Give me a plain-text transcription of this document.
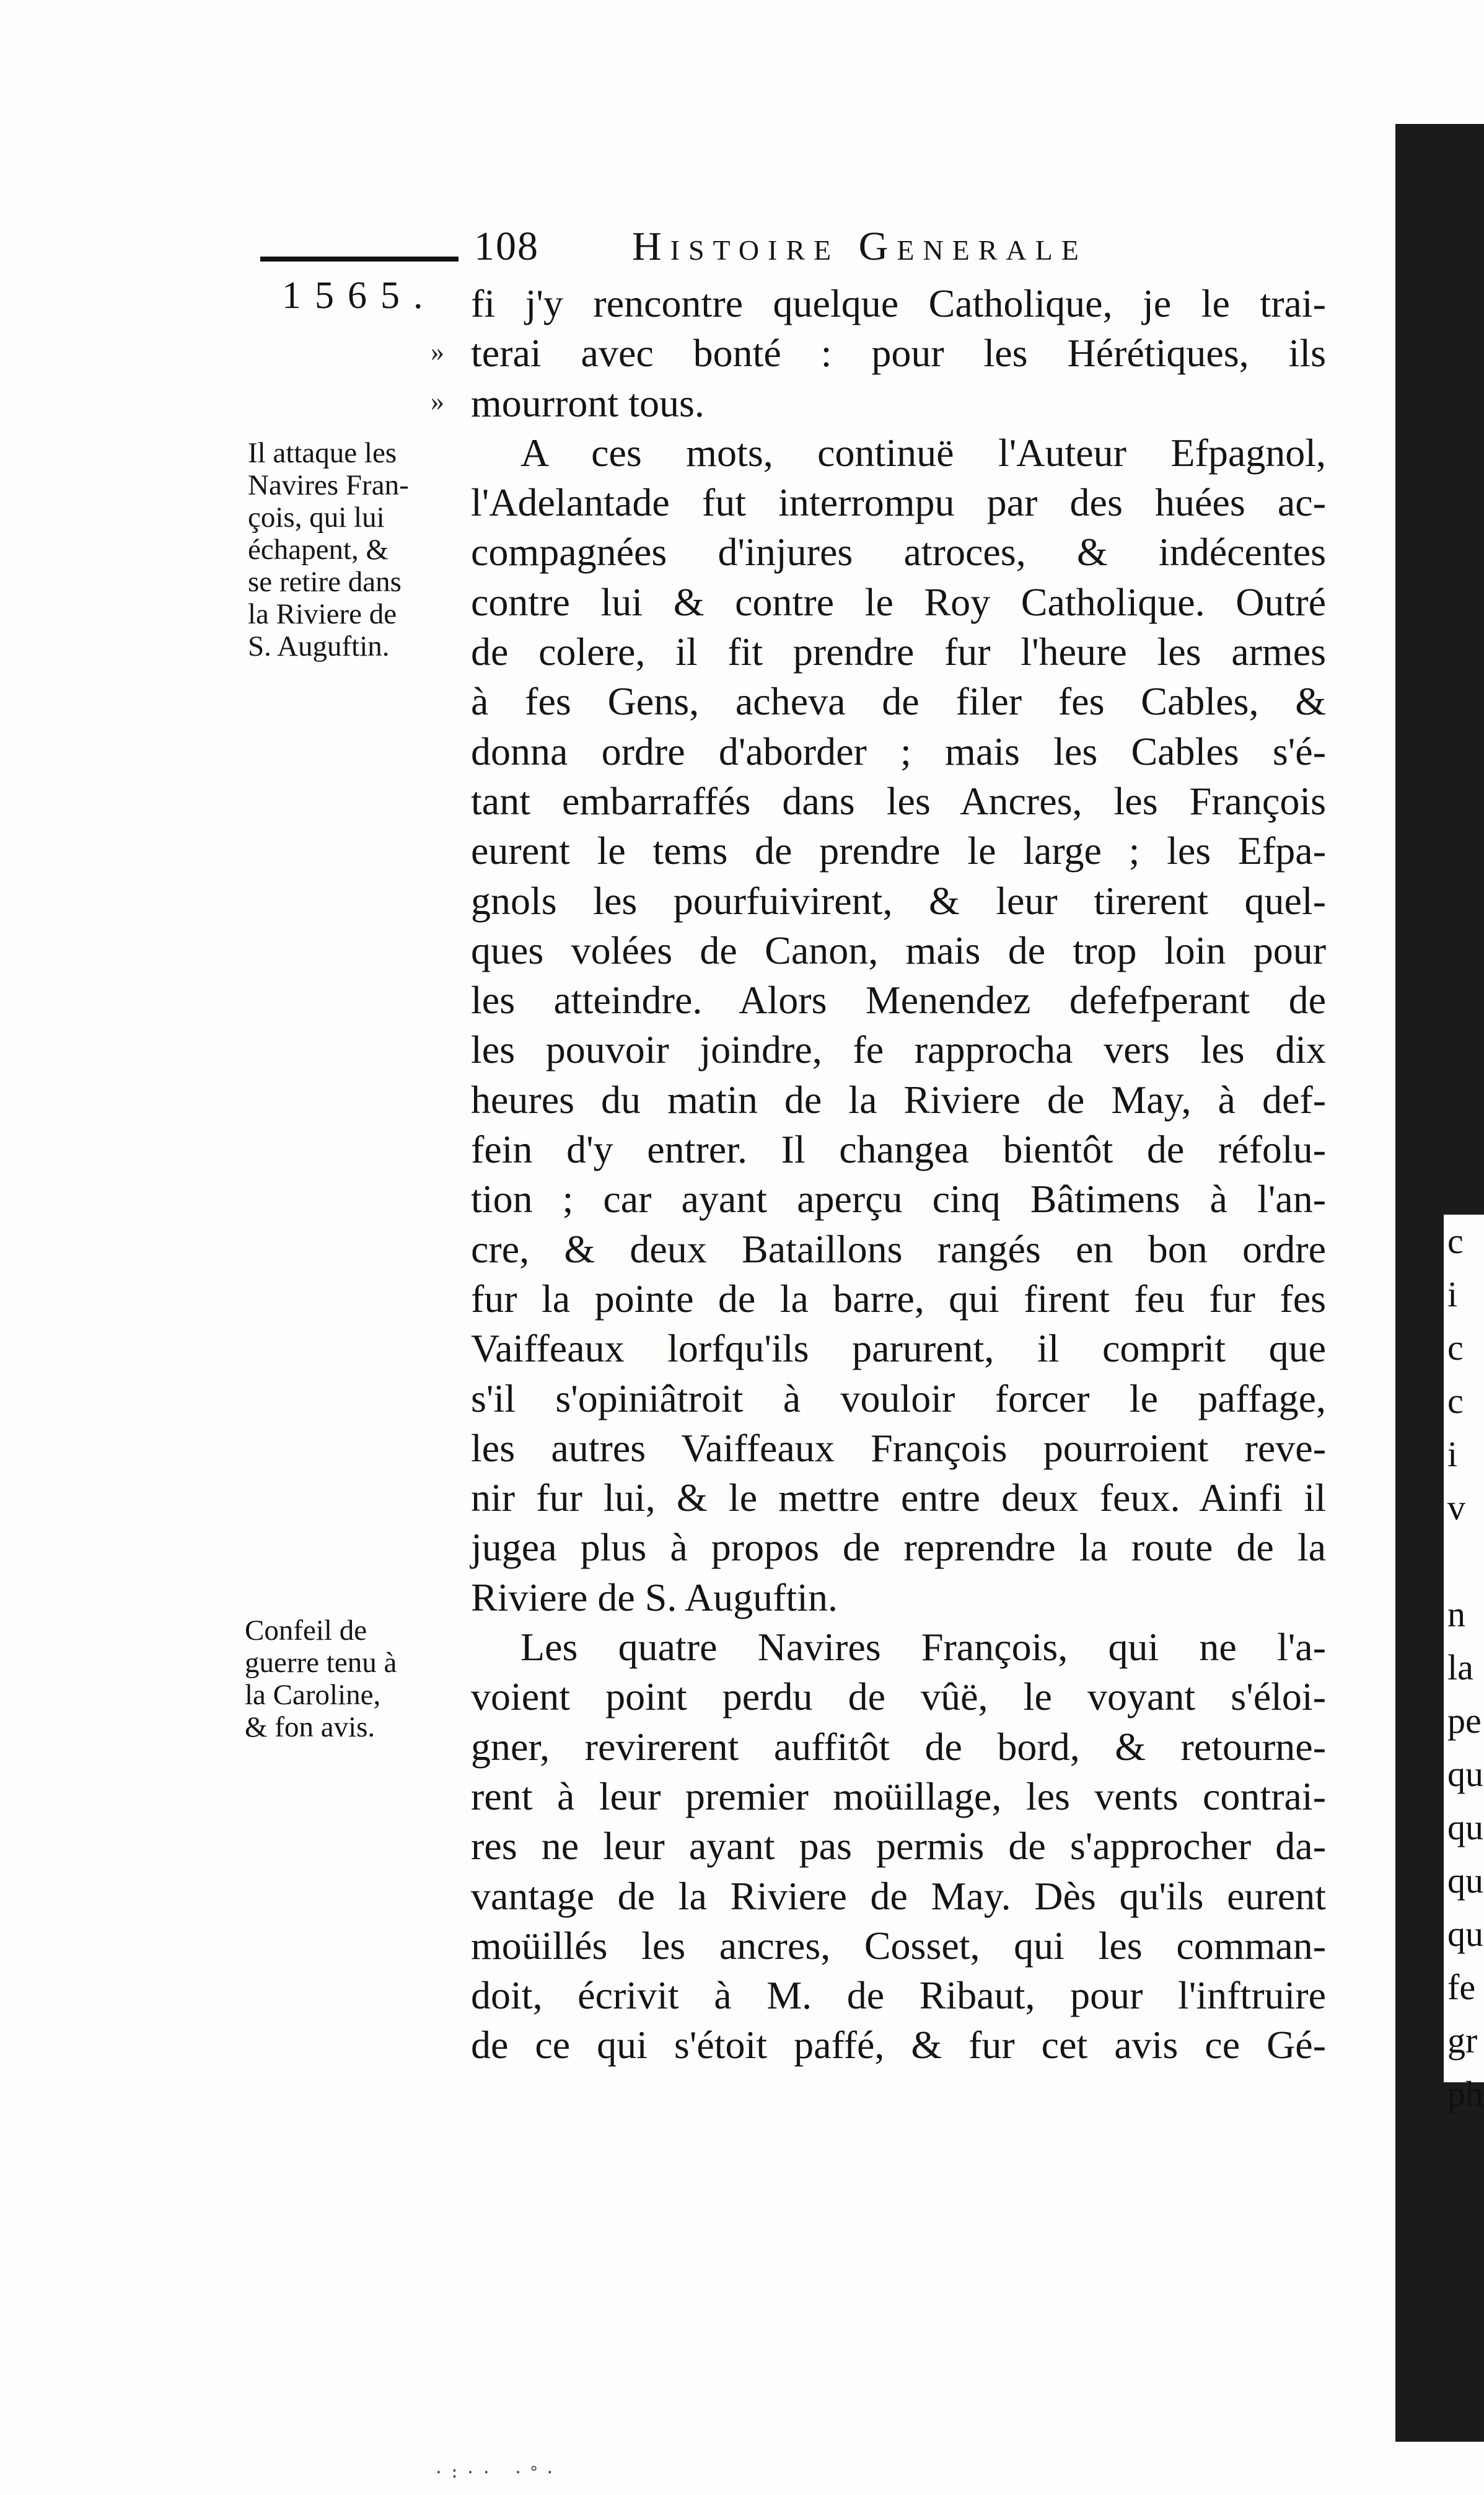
108 Histoire Generale
1565.
»
»
Il attaque les
Navires Fran-
çois, qui lui
échapent, &
se retire dans
la Riviere de
S. Auguftin.
Confeil de
guerre tenu à
la Caroline,
& fon avis.
fi j'y rencontre quelque Catholique, je le trai-
terai avec bonté : pour les Hérétiques, ils
mourront tous.
A ces mots, continuë l'Auteur Efpagnol,
l'Adelantade fut interrompu par des huées ac-
compagnées d'injures atroces, & indécentes
contre lui & contre le Roy Catholique. Outré
de colere, il fit prendre fur l'heure les armes
à fes Gens, acheva de filer fes Cables, &
donna ordre d'aborder ; mais les Cables s'é-
tant embarraffés dans les Ancres, les François
eurent le tems de prendre le large ; les Efpa-
gnols les pourfuivirent, & leur tirerent quel-
ques volées de Canon, mais de trop loin pour
les atteindre. Alors Menendez defefperant de
les pouvoir joindre, fe rapprocha vers les dix
heures du matin de la Riviere de May, à def-
fein d'y entrer. Il changea bientôt de réfolu-
tion ; car ayant aperçu cinq Bâtimens à l'an-
cre, & deux Bataillons rangés en bon ordre
fur la pointe de la barre, qui firent feu fur fes
Vaiffeaux lorfqu'ils parurent, il comprit que
s'il s'opiniâtroit à vouloir forcer le paffage,
les autres Vaiffeaux François pourroient reve-
nir fur lui, & le mettre entre deux feux. Ainfi il
jugea plus à propos de reprendre la route de la
Riviere de S. Auguftin.
Les quatre Navires François, qui ne l'a-
voient point perdu de vûë, le voyant s'éloi-
gner, revirerent auffitôt de bord, & retourne-
rent à leur premier moüillage, les vents contrai-
res ne leur ayant pas permis de s'approcher da-
vantage de la Riviere de May. Dès qu'ils eurent
moüillés les ancres, Cosset, qui les comman-
doit, écrivit à M. de Ribaut, pour l'inftruire
de ce qui s'étoit paffé, & fur cet avis ce Gé-
c
i
c
c
i
v

n
la
pe
qu
qu
qu
qu
fe
gr
ph
·:·· ·°·
